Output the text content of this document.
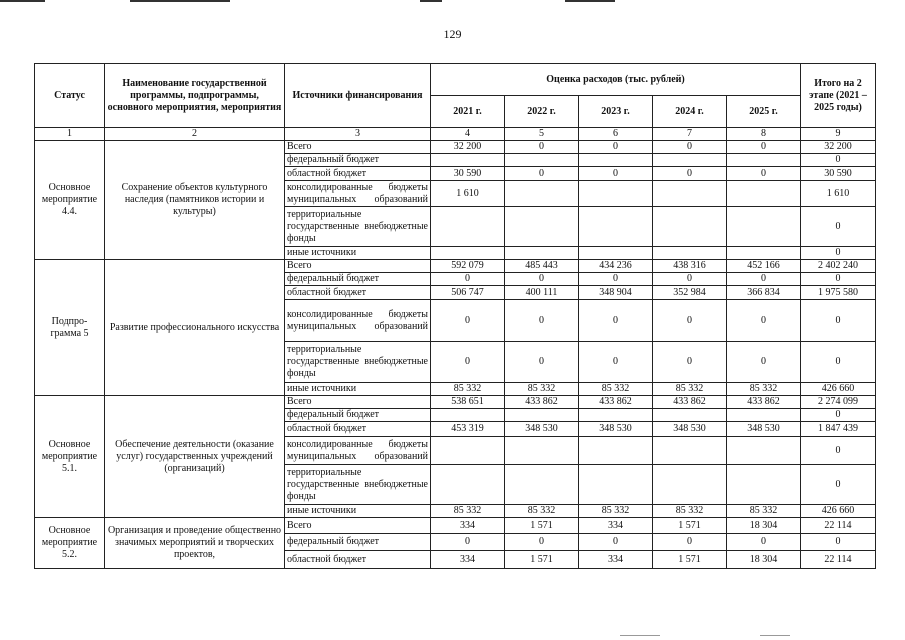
129
Статус	Наименование государственной программы, подпрограммы, основного мероприятия, мероприятия	Источники финансирования	Оценка расходов (тыс. рублей)					Итого на 2 этапе (2021 – 2025 годы)
			2021 г.	2022 г.	2023 г.	2024 г.	2025 г.	
1	2	3	4	5	6	7	8	9
Основное мероприятие 4.4.	Сохранение объектов культурного наследия (памятников истории и культуры)	Всего	32 200	0	0	0	0	32 200
		федеральный бюджет						0
		областной бюджет	30 590	0	0	0	0	30 590
		консолидированные бюджеты муниципальных образований	1 610					1 610
		территориальные государственные внебюджетные фонды						0
		иные источники						0
Подпро-грамма 5	Развитие профессионального искусства	Всего	592 079	485 443	434 236	438 316	452 166	2 402 240
		федеральный бюджет	0	0	0	0	0	0
		областной бюджет	506 747	400 111	348 904	352 984	366 834	1 975 580
		консолидированные бюджеты муниципальных образований	0	0	0	0	0	0
		территориальные государственные внебюджетные фонды	0	0	0	0	0	0
		иные источники	85 332	85 332	85 332	85 332	85 332	426 660
Основное мероприятие 5.1.	Обеспечение деятельности (оказание услуг) государственных учреждений (организаций)	Всего	538 651	433 862	433 862	433 862	433 862	2 274 099
		федеральный бюджет						0
		областной бюджет	453 319	348 530	348 530	348 530	348 530	1 847 439
		консолидированные бюджеты муниципальных образований						0
		территориальные государственные внебюджетные фонды						0
		иные источники	85 332	85 332	85 332	85 332	85 332	426 660
Основное мероприятие 5.2.	Организация и проведение общественно значимых мероприятий и творческих проектов,	Всего	334	1 571	334	1 571	18 304	22 114
		федеральный бюджет	0	0	0	0	0	0
		областной бюджет	334	1 571	334	1 571	18 304	22 114
